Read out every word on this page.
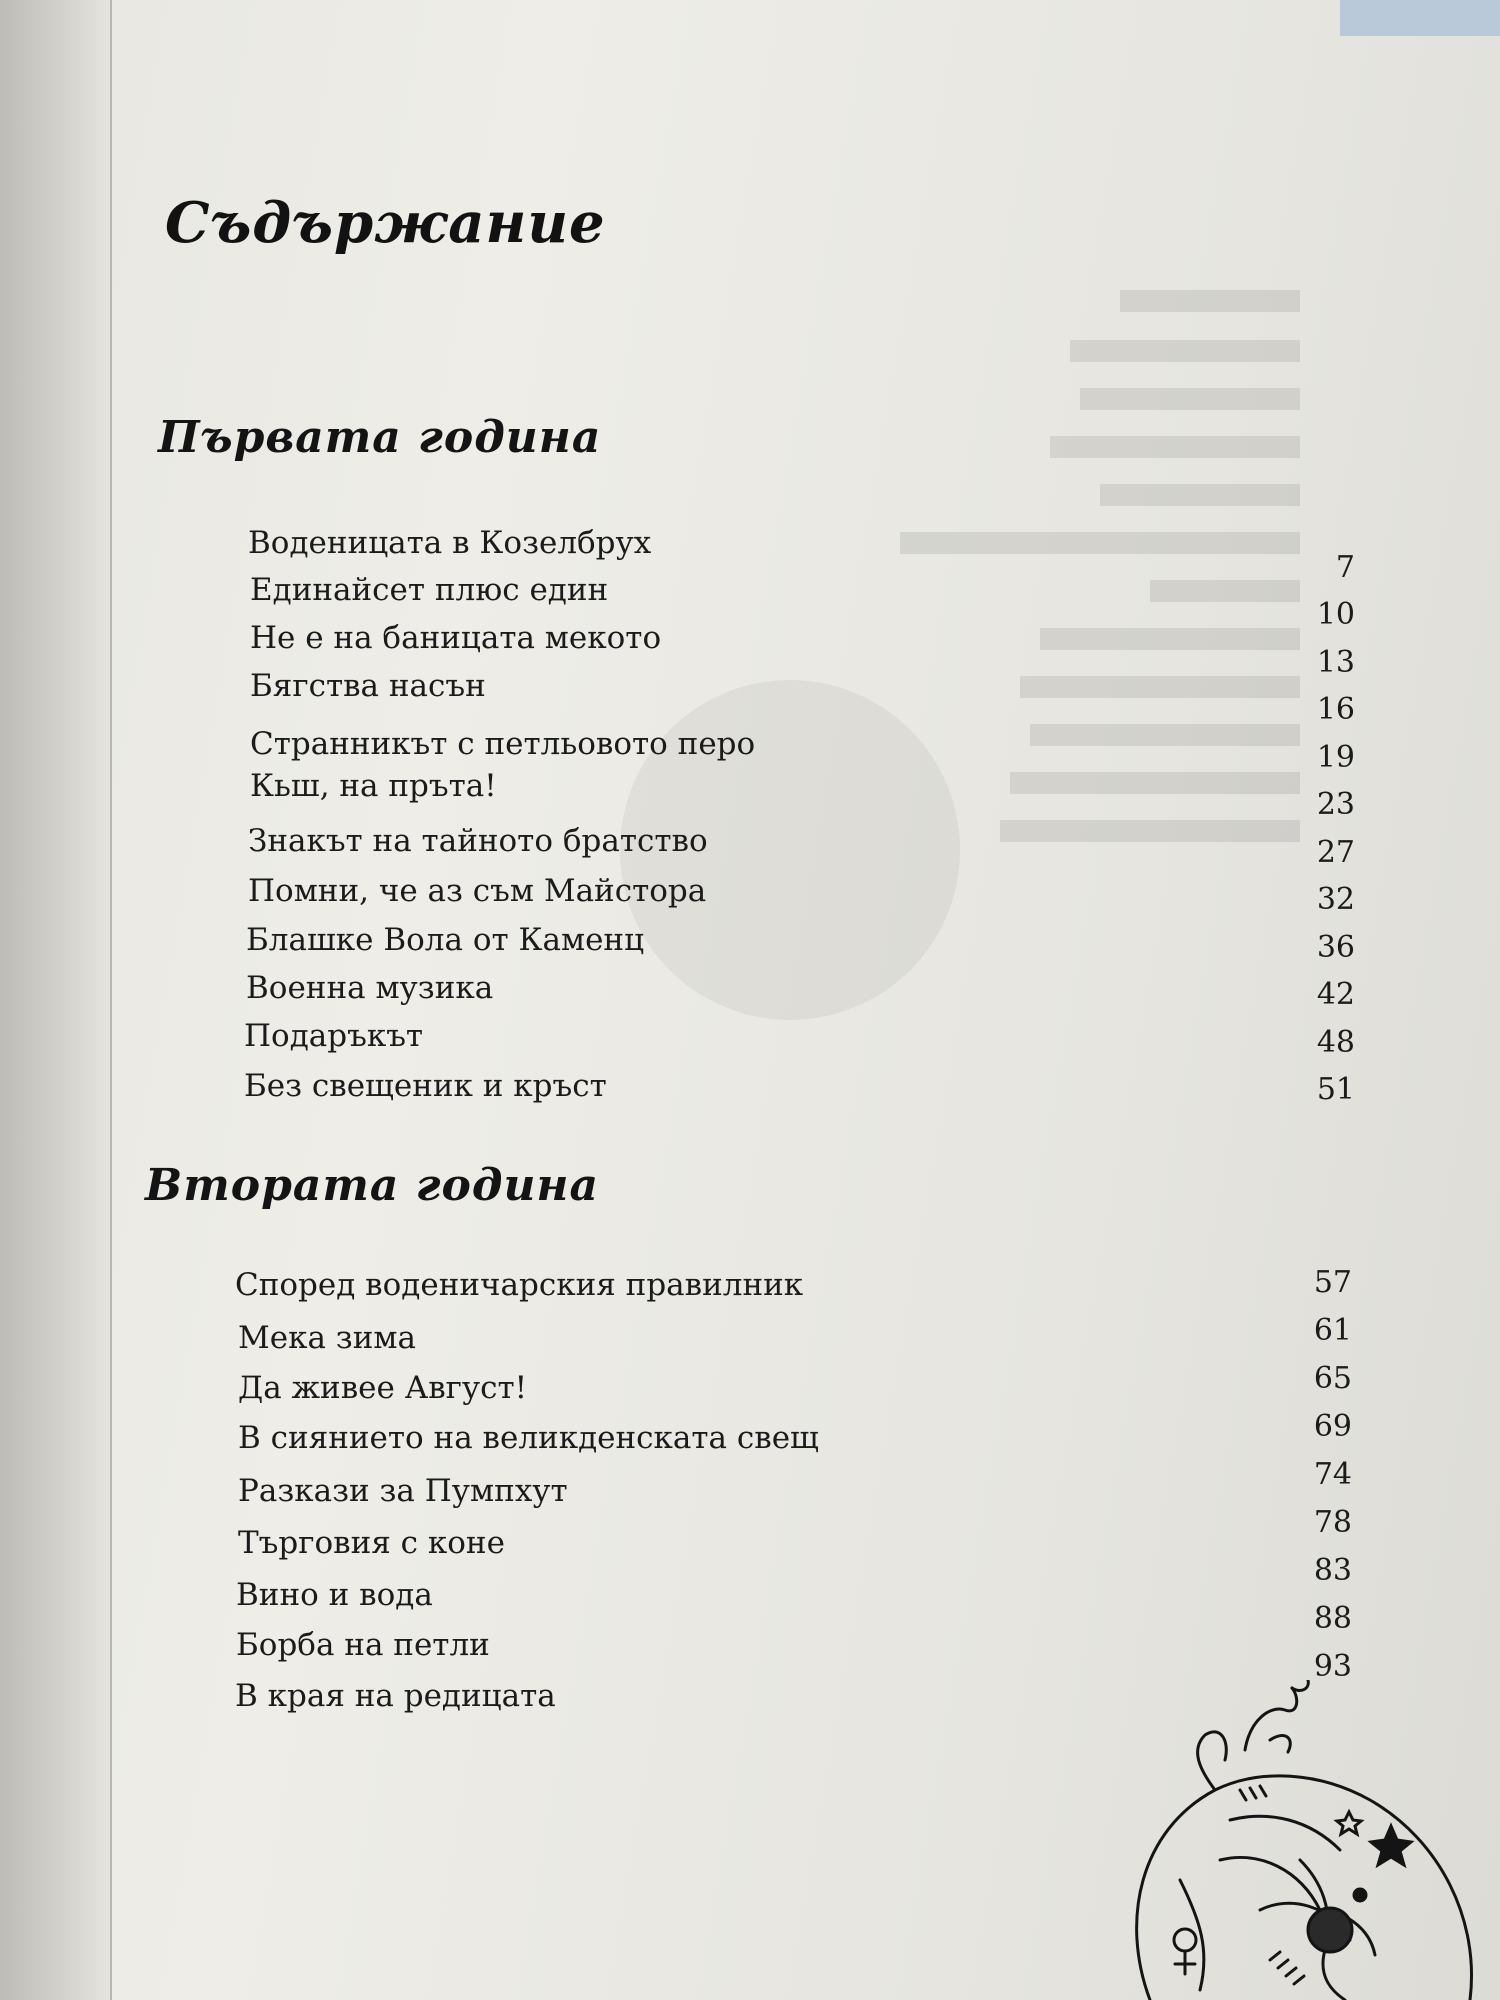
Съдържание
Първата година
Втората година
Воденицата в Козелбрух
Единайсет плюс един
Не е на баницата мекото
Бягства насън
Странникът с петльовото перо
Кьш, на пръта!
Знакът на тайното братство
Помни, че аз съм Майстора
Блашке Вола от Каменц
Военна музика
Подаръкът
Без свещеник и кръст
7
10
13
16
19
23
27
32
36
42
48
51
Според воденичарския правилник
Мека зима
Да живее Август!
В сиянието на великденската свещ
Разкази за Пумпхут
Търговия с коне
Вино и вода
Борба на петли
В края на редицата
57
61
65
69
74
78
83
88
93
